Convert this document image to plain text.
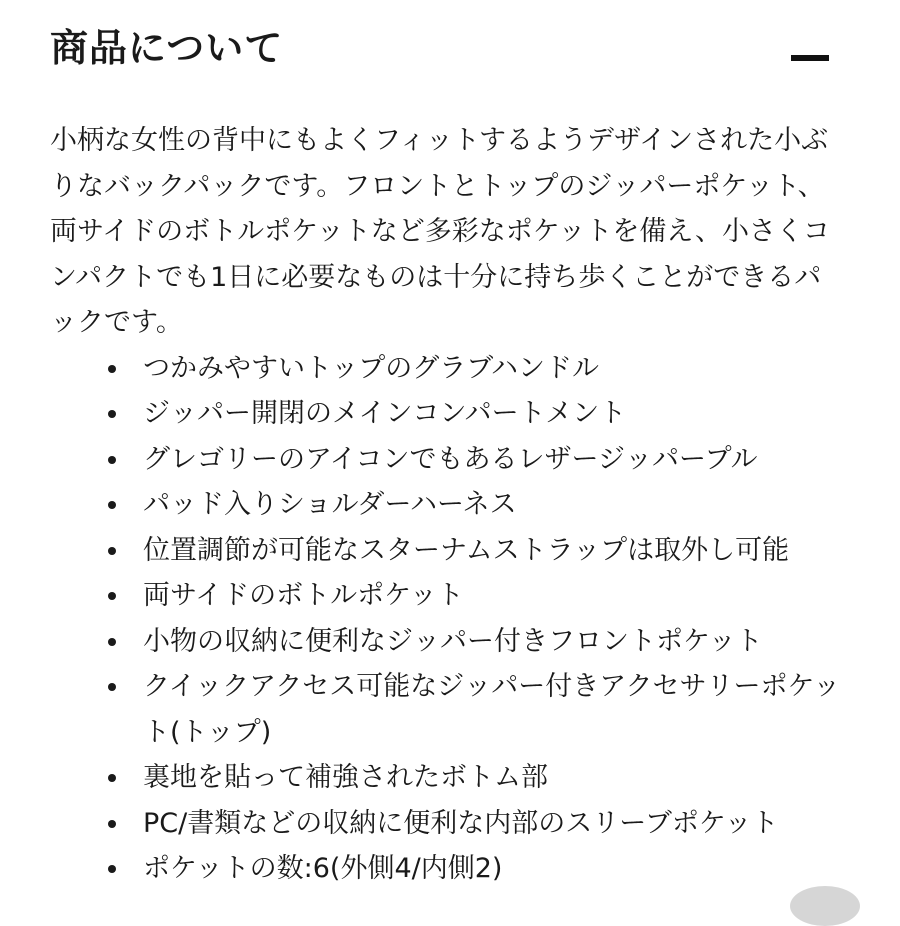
商品について

小柄な女性の背中にもよくフィットするようデザインされた小ぶりなバックパックです。フロントとトップのジッパーポケット、両サイドのボトルポケットなど多彩なポケットを備え、小さくコンパクトでも1日に必要なものは十分に持ち歩くことができるパックです。

つかみやすいトップのグラブハンドル
ジッパー開閉のメインコンパートメント
グレゴリーのアイコンでもあるレザージッパープル
パッド入りショルダーハーネス
位置調節が可能なスターナムストラップは取外し可能
両サイドのボトルポケット
小物の収納に便利なジッパー付きフロントポケット
クイックアクセス可能なジッパー付きアクセサリーポケット(トップ)
裏地を貼って補強されたボトム部
PC/書類などの収納に便利な内部のスリーブポケット
ポケットの数:6(外側4/内側2)
